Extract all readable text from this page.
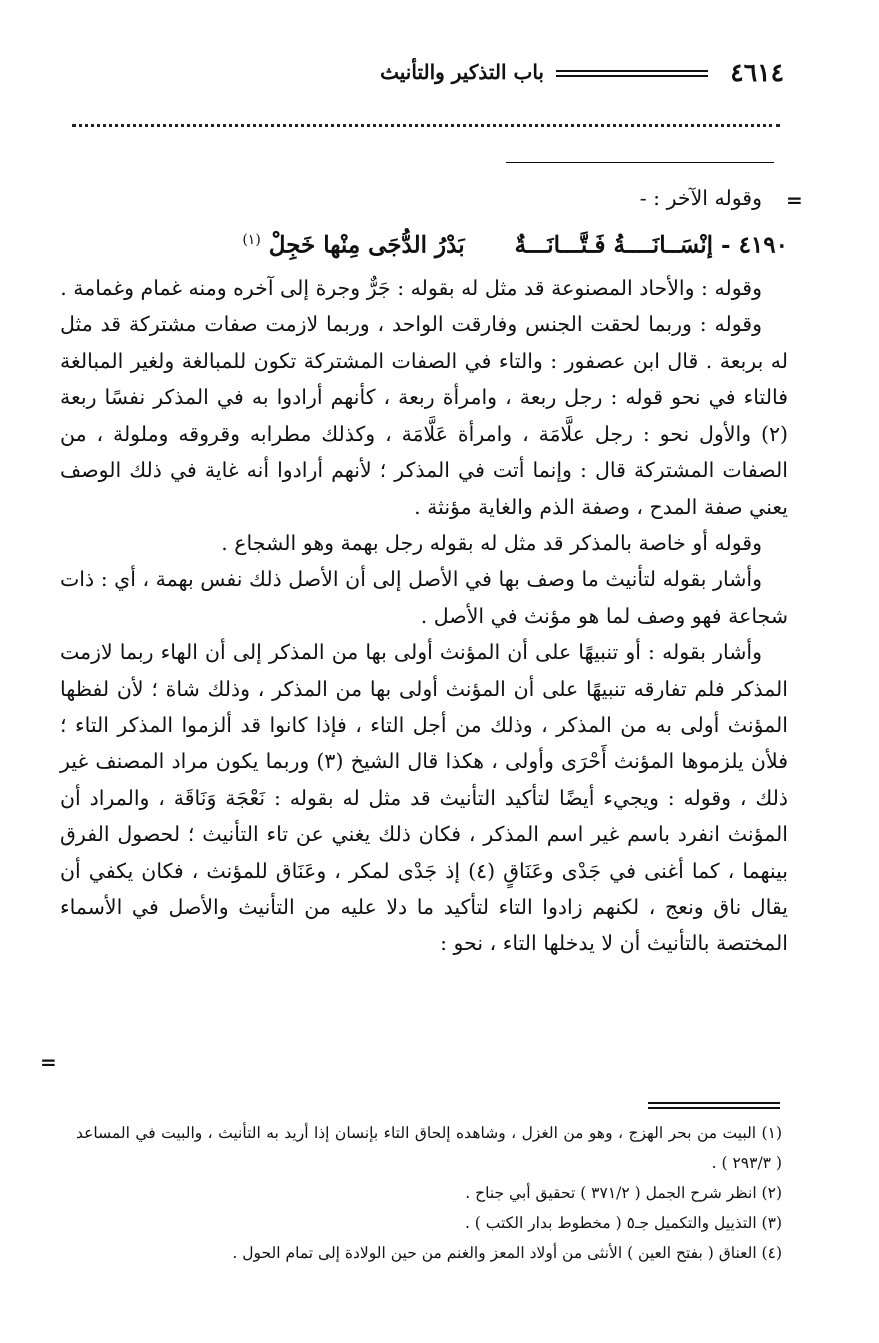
٤٦١٤
باب التذكير والتأنيث
=
=

وقوله الآخر : -

٤١٩٠ - إنْسَــانَــــةُ فَـتَّـــانَـــةٌ  بَدْرُ الدُّجَى مِنْها خَجِلْ $^{(١)}$

وقوله : والأحاد المصنوعة قد مثل له بقوله : جَرٌّ وجرة إلى آخره ومنه غمام وغمامة .

وقوله : وربما لحقت الجنس وفارقت الواحد ، وربما لازمت صفات مشتركة قد مثل له بربعة . قال ابن عصفور : والتاء في الصفات المشتركة تكون للمبالغة ولغير المبالغة فالتاء في نحو قوله : رجل ربعة ، وامرأة ربعة ، كأنهم أرادوا به في المذكر نفسًا ربعة (٢) والأول نحو : رجل علَّامَة ، وامرأة عَلَّامَة ، وكذلك مطرابه وقروقه وملولة ، من الصفات المشتركة قال : وإنما أتت في المذكر ؛ لأنهم أرادوا أنه غاية في ذلك الوصف يعني صفة المدح ، وصفة الذم والغاية مؤنثة .

وقوله أو خاصة بالمذكر قد مثل له بقوله رجل بهمة وهو الشجاع .

وأشار بقوله لتأنيث ما وصف بها في الأصل إلى أن الأصل ذلك نفس بهمة ، أي : ذات شجاعة فهو وصف لما هو مؤنث في الأصل .

وأشار بقوله : أو تنبيهًا على أن المؤنث أولى بها من المذكر إلى أن الهاء ربما لازمت المذكر فلم تفارقه تنبيهًا على أن المؤنث أولى بها من المذكر ، وذلك شاة ؛ لأن لفظها المؤنث أولى به من المذكر ، وذلك من أجل التاء ، فإذا كانوا قد ألزموا المذكر التاء ؛ فلأن يلزموها المؤنث أَحْرَى وأولى ، هكذا قال الشيخ (٣) وربما يكون مراد المصنف غير ذلك ، وقوله : ويجيء أيضًا لتأكيد التأنيث قد مثل له بقوله : نَعْجَة وَنَاقَة ، والمراد أن المؤنث انفرد باسم غير اسم المذكر ، فكان ذلك يغني عن تاء التأنيث ؛ لحصول الفرق بينهما ، كما أغنى في جَدْى وعَنَاقٍ (٤) إذ جَدْى لمكر ، وعَنَاق للمؤنث ، فكان يكفي أن يقال ناق ونعج ، لكنهم زادوا التاء لتأكيد ما دلا عليه من التأنيث والأصل في الأسماء المختصة بالتأنيث أن لا يدخلها التاء ، نحو :

(١) البيت من بحر الهزج ، وهو من الغزل ، وشاهده إلحاق التاء بإنسان إذا أريد به التأنيث ، والبيت في المساعد ( ٢٩٣/٣ ) .

(٢) انظر شرح الجمل ( ٣٧١/٢ ) تحقيق أبي جناح .

(٣) التذييل والتكميل جـ٥ ( مخطوط بدار الكتب ) .

(٤) العناق ( بفتح العين ) الأنثى من أولاد المعز والغنم من حين الولادة إلى تمام الحول .
